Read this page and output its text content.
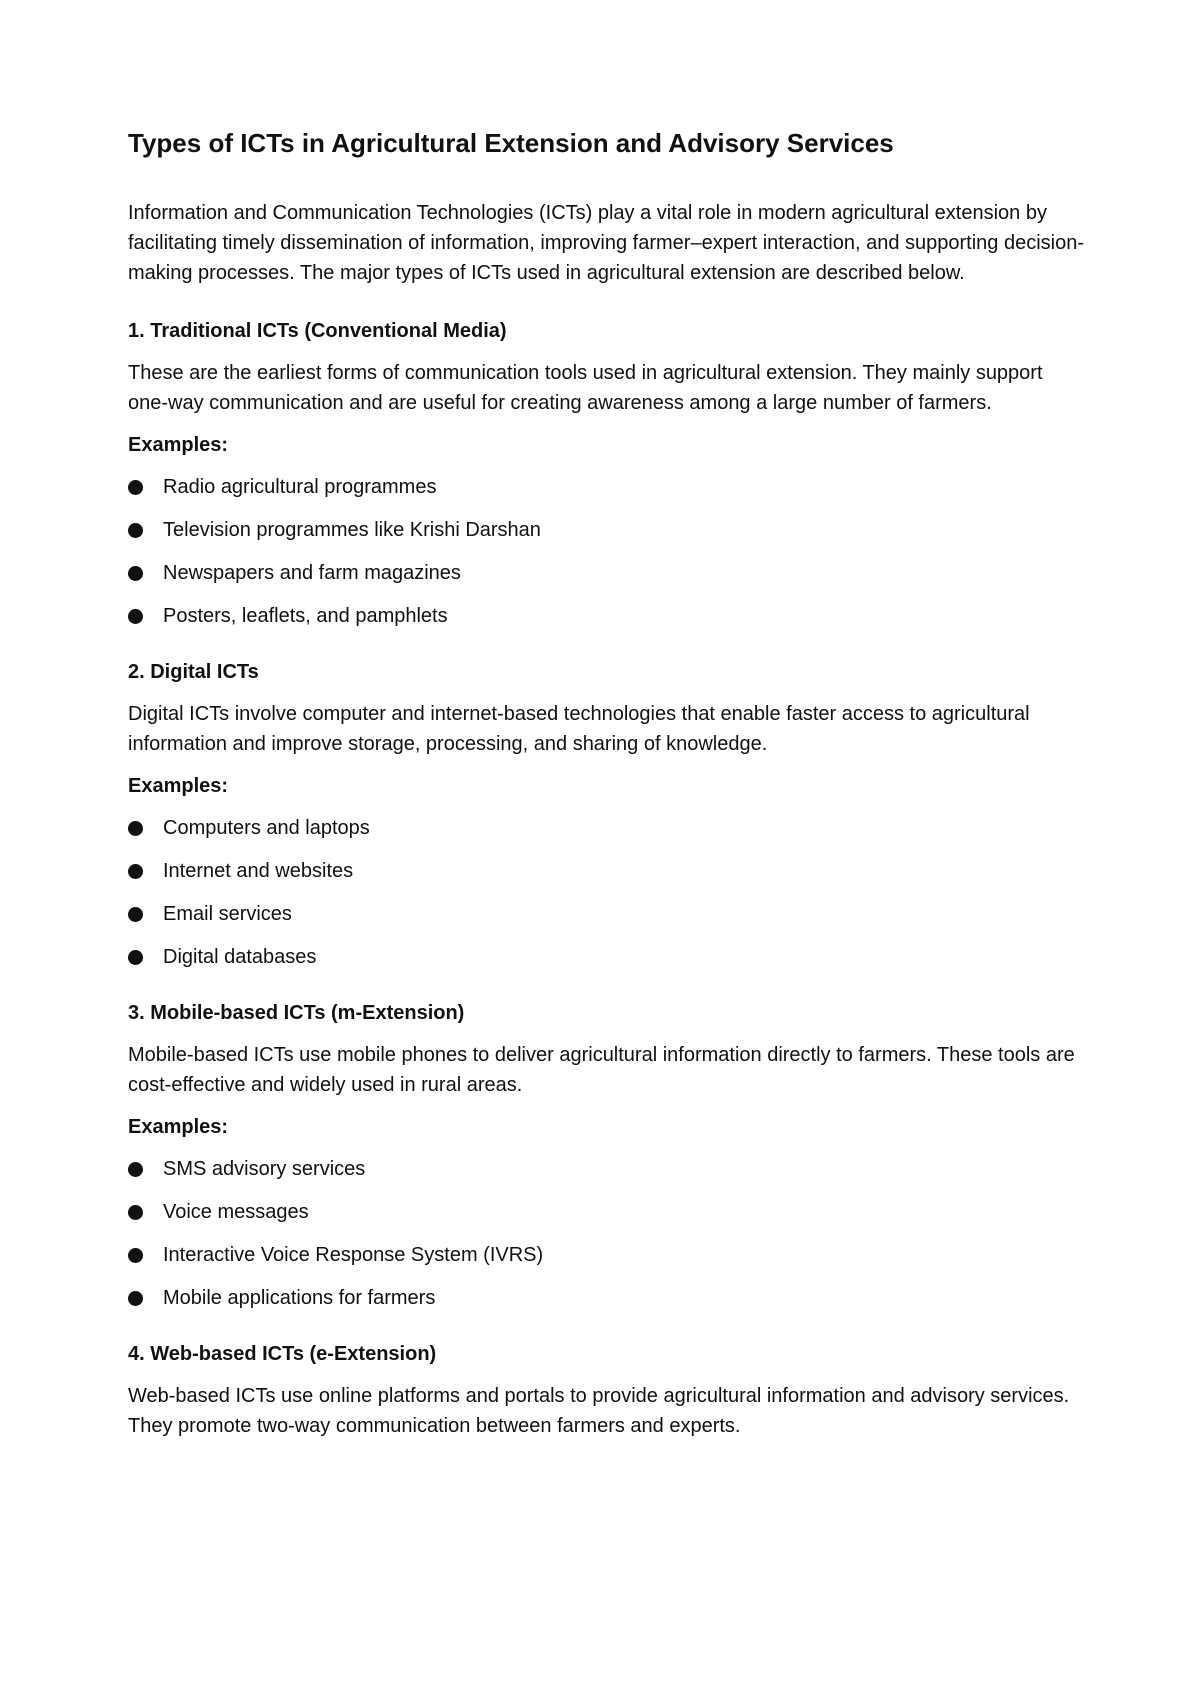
Types of ICTs in Agricultural Extension and Advisory Services

Information and Communication Technologies (ICTs) play a vital role in modern agricultural extension by facilitating timely dissemination of information, improving farmer–expert interaction, and supporting decision-making processes. The major types of ICTs used in agricultural extension are described below.

1. Traditional ICTs (Conventional Media)

These are the earliest forms of communication tools used in agricultural extension. They mainly support one-way communication and are useful for creating awareness among a large number of farmers.

Examples:
Radio agricultural programmes
Television programmes like Krishi Darshan
Newspapers and farm magazines
Posters, leaflets, and pamphlets
2. Digital ICTs

Digital ICTs involve computer and internet-based technologies that enable faster access to agricultural information and improve storage, processing, and sharing of knowledge.

Examples:
Computers and laptops
Internet and websites
Email services
Digital databases
3. Mobile-based ICTs (m-Extension)

Mobile-based ICTs use mobile phones to deliver agricultural information directly to farmers. These tools are cost-effective and widely used in rural areas.

Examples:
SMS advisory services
Voice messages
Interactive Voice Response System (IVRS)
Mobile applications for farmers
4. Web-based ICTs (e-Extension)

Web-based ICTs use online platforms and portals to provide agricultural information and advisory services. They promote two-way communication between farmers and experts.
